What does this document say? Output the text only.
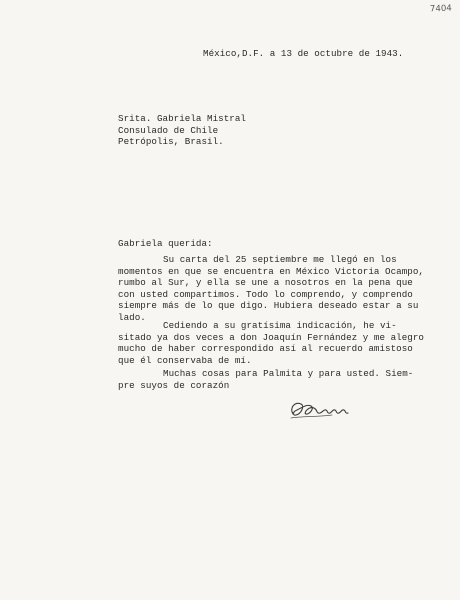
7404
México,D.F. a 13 de octubre de 1943.
Srita. Gabriela Mistral
Consulado de Chile
Petrópolis, Brasil.
Gabriela querida:
Su carta del 25 septiembre me llegó en los
momentos en que se encuentra en México Victoria Ocampo,
rumbo al Sur, y ella se une a nosotros en la pena que
con usted compartimos. Todo lo comprendo, y comprendo
siempre más de lo que digo. Hubiera deseado estar a su
lado.
Cediendo a su gratísima indicación, he vi-
sitado ya dos veces a don Joaquín Fernández y me alegro
mucho de haber correspondido así al recuerdo amistoso
que él conservaba de mí.
Muchas cosas para Palmita y para usted. Siem-
pre suyos de corazón
